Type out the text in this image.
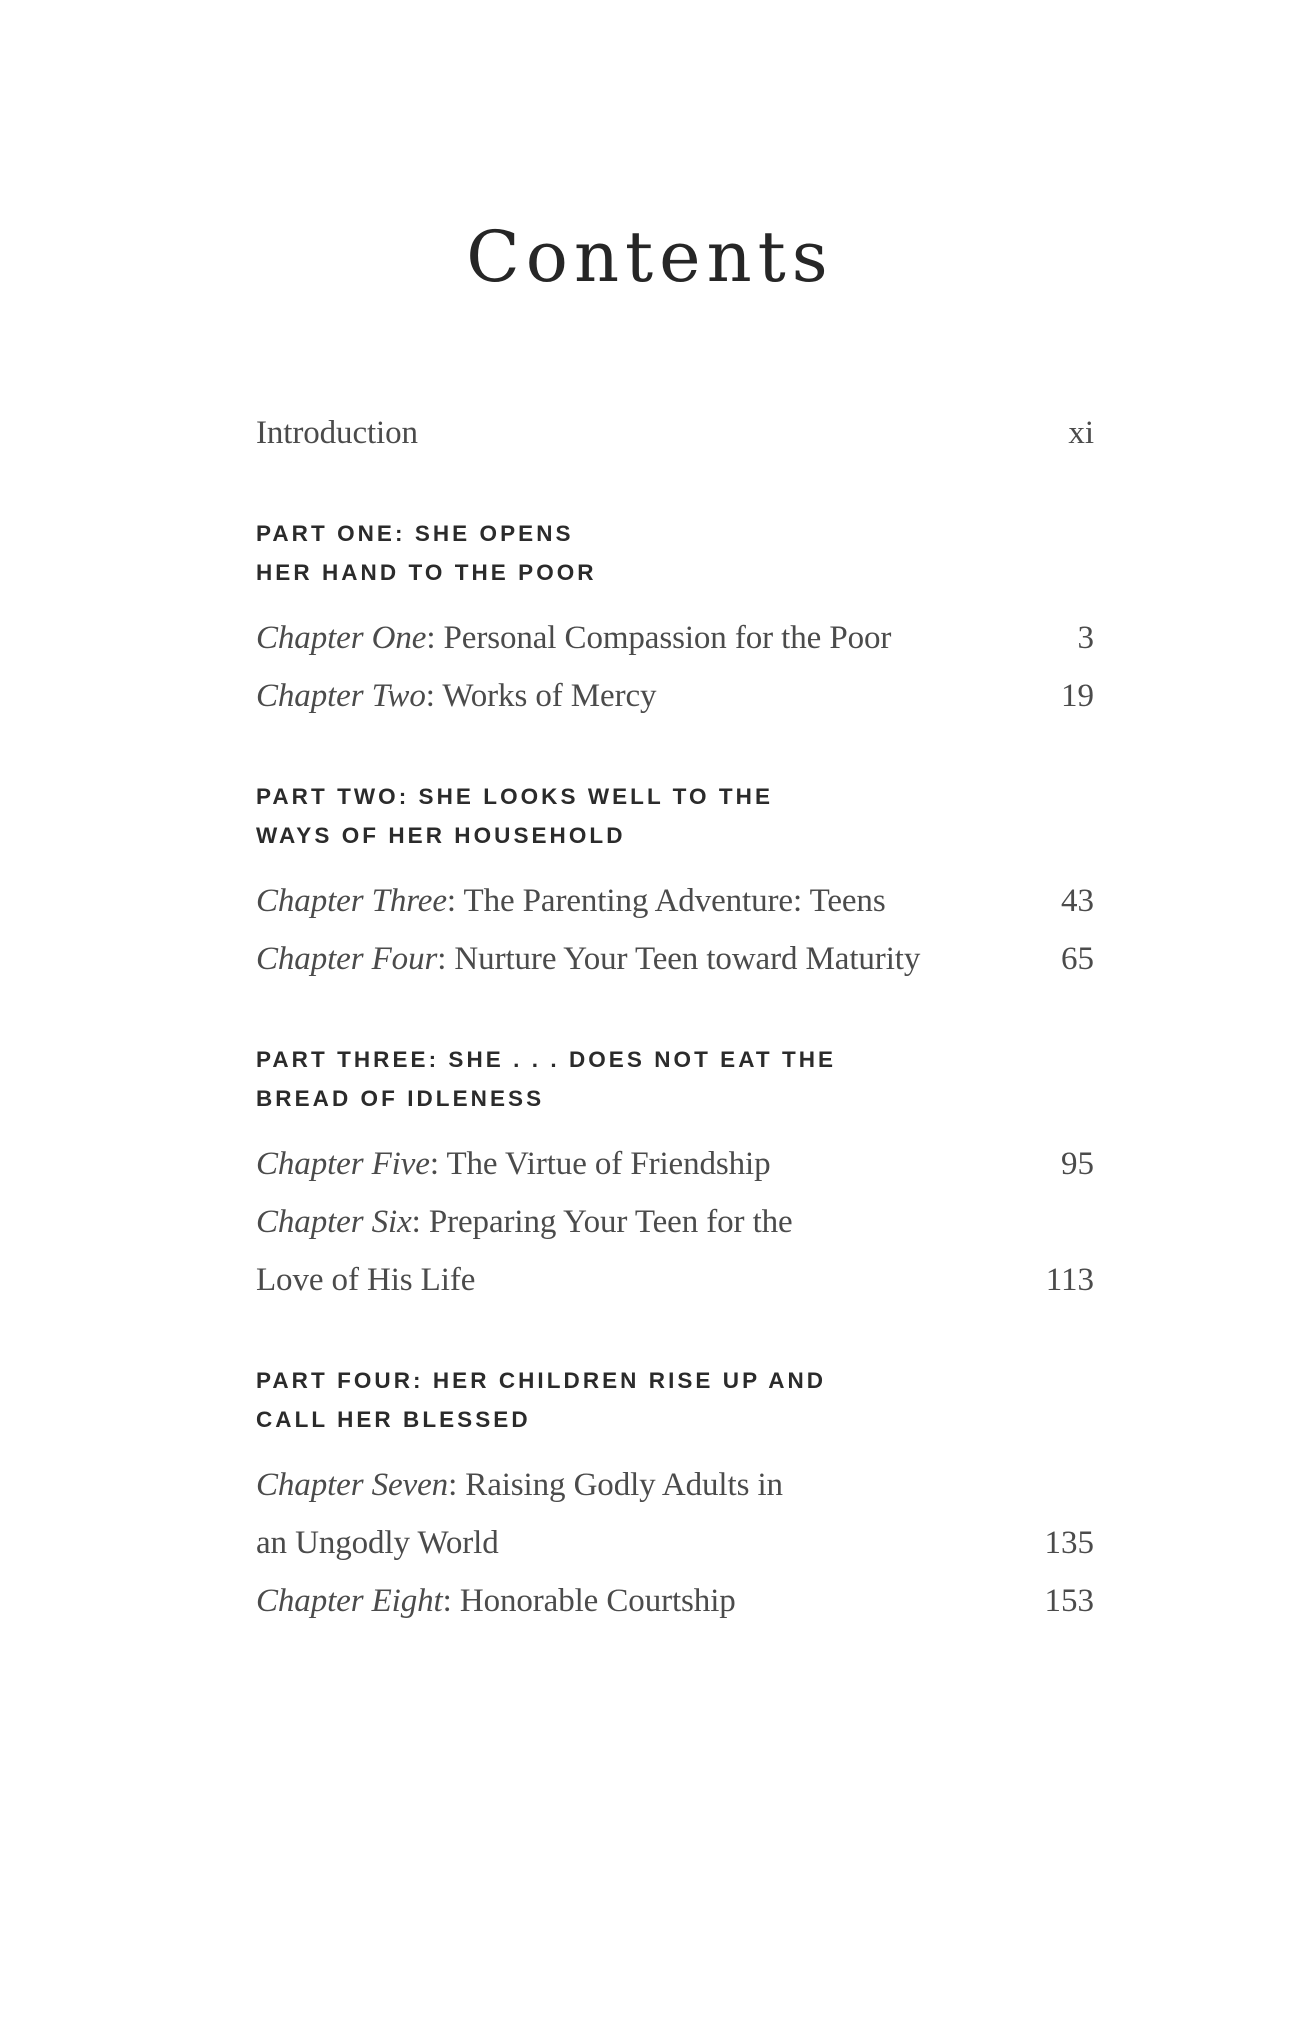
Contents
Introduction	xi
PART ONE: SHE OPENS
HER HAND TO THE POOR
Chapter One: Personal Compassion for the Poor	3
Chapter Two: Works of Mercy	19
PART TWO: SHE LOOKS WELL TO THE
WAYS OF HER HOUSEHOLD
Chapter Three: The Parenting Adventure: Teens	43
Chapter Four: Nurture Your Teen toward Maturity	65
PART THREE: SHE . . . DOES NOT EAT THE
BREAD OF IDLENESS
Chapter Five: The Virtue of Friendship	95
Chapter Six: Preparing Your Teen for the
Love of His Life	113
PART FOUR: HER CHILDREN RISE UP AND
CALL HER BLESSED
Chapter Seven: Raising Godly Adults in
an Ungodly World	135
Chapter Eight: Honorable Courtship	153
